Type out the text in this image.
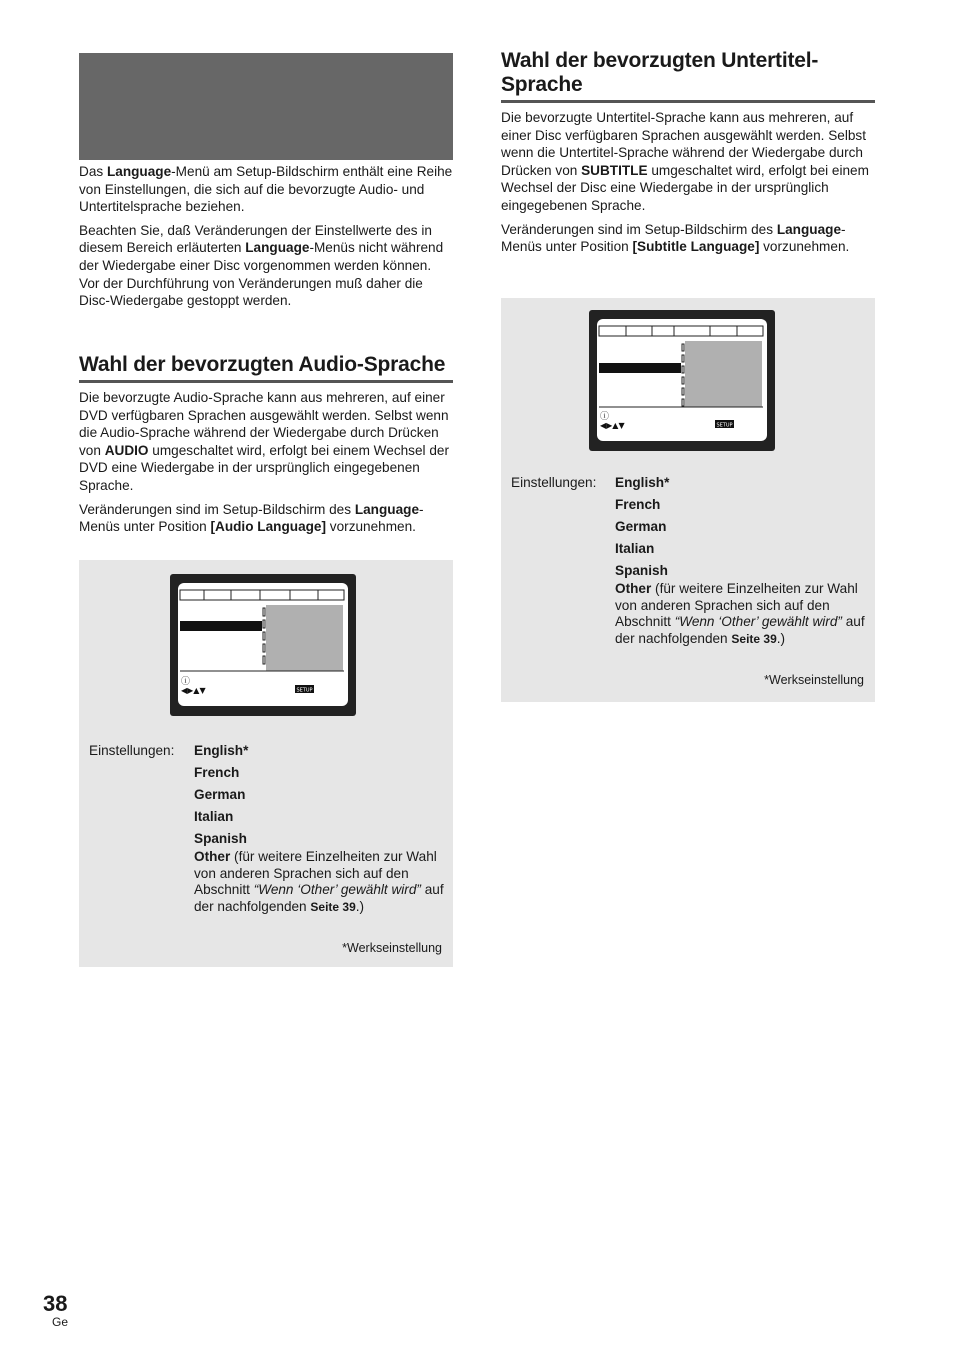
Das Language-Menü am Setup-Bildschirm enthält eine Reihe von Einstellungen, die sich auf die bevorzugte Audio- und Untertitelsprache beziehen.

Beachten Sie, daß Veränderungen der Einstellwerte des in diesem Bereich erläuterten Language-Menüs nicht während der Wiedergabe einer Disc vorgenommen werden können. Vor der Durchführung von Veränderungen muß daher die Disc-Wiedergabe gestoppt werden.

Wahl der bevorzugten Audio-Sprache

Die bevorzugte Audio-Sprache kann aus mehreren, auf einer DVD verfügbaren Sprachen ausgewählt werden. Selbst wenn die Audio-Sprache während der Wiedergabe durch Drücken von AUDIO umgeschaltet wird, erfolgt bei einem Wechsel der DVD eine Wiedergabe in der ursprünglich eingegebenen Sprache.

Veränderungen sind im Setup-Bildschirm des Language-Menüs unter Position [Audio Language] vorzunehmen.

ⓘ
◀▶▲▼	SETUP
Einstellungen: English*
French
German
Italian
Spanish
Other (für weitere Einzelheiten zur Wahl von anderen Sprachen sich auf den Abschnitt “Wenn ‘Other’ gewählt wird” auf der nachfolgenden Seite 39.)
*Werkseinstellung
Wahl der bevorzugten Untertitel-Sprache

Die bevorzugte Untertitel-Sprache kann aus mehreren, auf einer Disc verfügbaren Sprachen ausgewählt werden. Selbst wenn die Untertitel-Sprache während der Wiedergabe durch Drücken von SUBTITLE umgeschaltet wird, erfolgt bei einem Wechsel der Disc eine Wiedergabe in der ursprünglich eingegebenen Sprache.

Veränderungen sind im Setup-Bildschirm des Language-Menüs unter Position [Subtitle Language] vorzunehmen.

ⓘ
◀▶▲▼	SETUP
Einstellungen: English*
French
German
Italian
Spanish
Other (für weitere Einzelheiten zur Wahl von anderen Sprachen sich auf den Abschnitt “Wenn ‘Other’ gewählt wird” auf der nachfolgenden Seite 39.)
*Werkseinstellung
38
Ge
